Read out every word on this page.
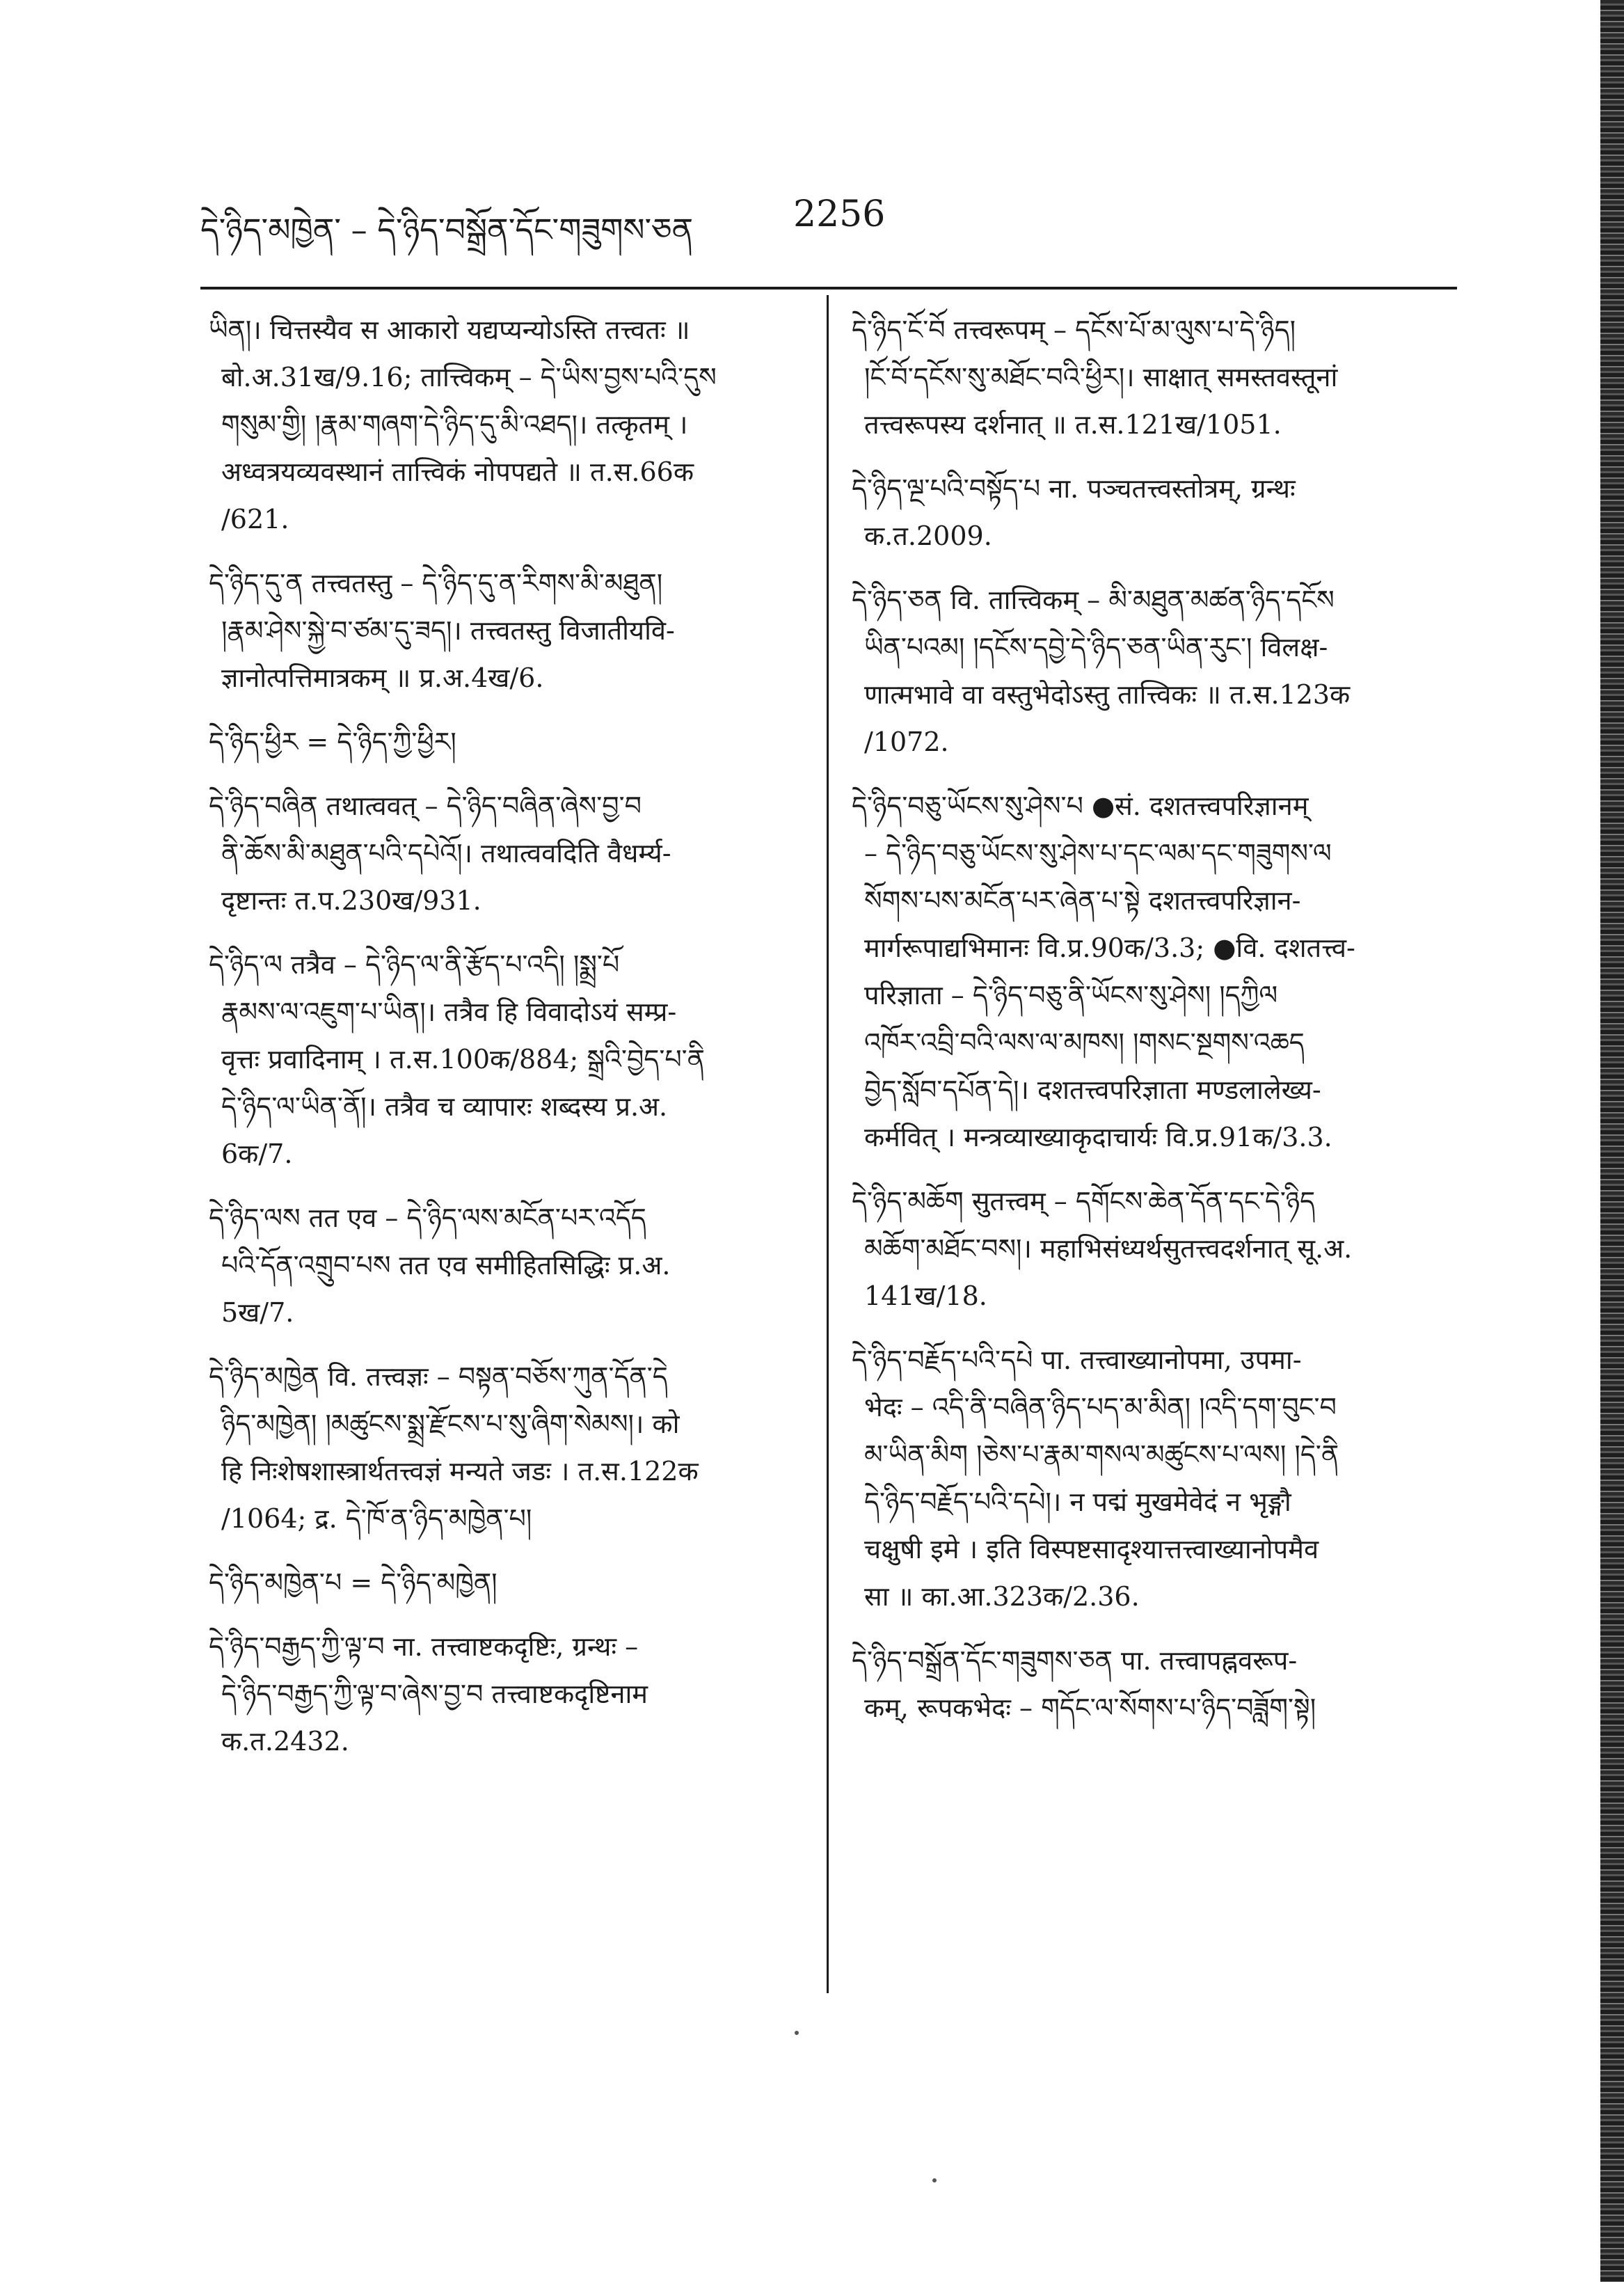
དེ་ཉིད་མཁྱེན་ – དེ་ཉིད་བསྒྲོན་དོང་གཟུགས་ཅན	2256
ཡིན།। चित्तस्यैव स आकारो यद्यप्यन्योऽस्ति तत्त्वतः ॥
बो.अ.31ख/9.16; तात्त्विकम् – དེ་ཡིས་བྱས་པའི་དུས
གསུམ་གྱི། །རྣམ་གཞག་དེ་ཉིད་དུ་མི་འཐད།। तत्कृतम् ।
अध्वत्रयव्यवस्थानं तात्त्विकं नोपपद्यते ॥ त.स.66क
/621.
དེ་ཉིད་དུ་ན तत्त्वतस्तु – དེ་ཉིད་དུ་ན་རིགས་མི་མཐུན།
།རྣམ་ཤེས་སྐྱེ་བ་ཙམ་དུ་ཟད།। तत्त्वतस्तु विजातीयवि-
ज्ञानोत्पत्तिमात्रकम् ॥ प्र.अ.4ख/6.
དེ་ཉིད་ཕྱིར = དེ་ཉིད་ཀྱི་ཕྱིར།
དེ་ཉིད་བཞིན तथात्ववत् – དེ་ཉིད་བཞིན་ཞེས་བྱ་བ
ནི་ཆོས་མི་མཐུན་པའི་དཔེའོ།। तथात्ववदिति वैधर्म्य-
दृष्टान्तः त.प.230ख/931.
དེ་ཉིད་ལ तत्रैव – དེ་ཉིད་ལ་ནི་རྩོད་པ་འདི། །སྨྲ་པོ
རྣམས་ལ་འཇུག་པ་ཡིན།। तत्रैव हि विवादोऽयं सम्प्र-
वृत्तः प्रवादिनाम् । त.स.100क/884; སྒྲའི་བྱེད་པ་ནི
དེ་ཉིད་ལ་ཡིན་ནོ།। तत्रैव च व्यापारः शब्दस्य प्र.अ.
6क/7.
དེ་ཉིད་ལས तत एव – དེ་ཉིད་ལས་མངོན་པར་འདོད
པའི་དོན་འགྲུབ་པས तत एव समीहितसिद्धिः प्र.अ.
5ख/7.
དེ་ཉིད་མཁྱེན वि. तत्त्वज्ञः – བསྟན་བཅོས་ཀུན་དོན་དེ
ཉིད་མཁྱེན། །མཚུངས་སྨྲ་རྫོངས་པ་སུ་ཞིག་སེམས།। को
हि निःशेषशास्त्रार्थतत्त्वज्ञं मन्यते जडः । त.स.122क
/1064; द्र. དེ་ཁོ་ན་ཉིད་མཁྱེན་པ།
དེ་ཉིད་མཁྱེན་པ = དེ་ཉིད་མཁྱེན།
དེ་ཉིད་བརྒྱད་ཀྱི་ལྟ་བ ना. तत्त्वाष्टकदृष्टिः, ग्रन्थः –
དེ་ཉིད་བརྒྱད་ཀྱི་ལྟ་བ་ཞེས་བྱ་བ तत्त्वाष्टकदृष्टिनाम
क.त.2432.
དེ་ཉིད་ངོ་བོ तत्त्वरूपम् – དངོས་པོ་མ་ལུས་པ་དེ་ཉིད།
།ངོ་བོ་དངོས་སུ་མཐོང་བའི་ཕྱིར།। साक्षात् समस्तवस्तूनां
तत्त्वरूपस्य दर्शनात् ॥ त.स.121ख/1051.
དེ་ཉིད་ལྔ་པའི་བསྟོད་པ ना. पञ्चतत्त्वस्तोत्रम्, ग्रन्थः
क.त.2009.
དེ་ཉིད་ཅན वि. तात्त्विकम् – མི་མཐུན་མཚན་ཉིད་དངོས
ཡིན་པའམ། །དངོས་དབྱེ་དེ་ཉིད་ཅན་ཡིན་རུང་། विलक्ष-
णात्मभावे वा वस्तुभेदोऽस्तु तात्त्विकः ॥ त.स.123क
/1072.
དེ་ཉིད་བཅུ་ཡོངས་སུ་ཤེས་པ ●सं. दशतत्त्वपरिज्ञानम्
– དེ་ཉིད་བཅུ་ཡོངས་སུ་ཤེས་པ་དང་ལམ་དང་གཟུགས་ལ
སོགས་པས་མངོན་པར་ཞེན་པ་སྟེ दशतत्त्वपरिज्ञान-
मार्गरूपाद्यभिमानः वि.प्र.90क/3.3; ●वि. दशतत्त्व-
परिज्ञाता – དེ་ཉིད་བཅུ་ནི་ཡོངས་སུ་ཤེས། །དཀྱིལ
འཁོར་འབྲི་བའི་ལས་ལ་མཁས། །གསང་སྔགས་འཆད
བྱེད་སློབ་དཔོན་དེ།। दशतत्त्वपरिज्ञाता मण्डलालेख्य-
कर्मवित् । मन्त्रव्याख्याकृदाचार्यः वि.प्र.91क/3.3.
དེ་ཉིད་མཆོག सुतत्त्वम् – དགོངས་ཆེན་དོན་དང་དེ་ཉིད
མཆོག་མཐོང་བས།। महाभिसंध्यर्थसुतत्त्वदर्शनात् सू.अ.
141ख/18.
དེ་ཉིད་བརྗོད་པའི་དཔེ पा. तत्त्वाख्यानोपमा, उपमा-
भेदः – འདི་ནི་བཞིན་ཉིད་པད་མ་མིན། །འདི་དག་བུང་བ
མ་ཡིན་མིག །ཅེས་པ་རྣམ་གསལ་མཚུངས་པ་ལས། །དེ་ནི
དེ་ཉིད་བརྗོད་པའི་དཔེ།। न पद्मं मुखमेवेदं न भृङ्गौ
चक्षुषी इमे । इति विस्पष्टसादृश्यात्तत्त्वाख्यानोपमैव
सा ॥ का.आ.323क/2.36.
དེ་ཉིད་བསྒྲོན་དོང་གཟུགས་ཅན पा. तत्त्वापह्नवरूप-
कम्, रूपकभेदः – གདོང་ལ་སོགས་པ་ཉིད་བཟློག་སྟེ།
